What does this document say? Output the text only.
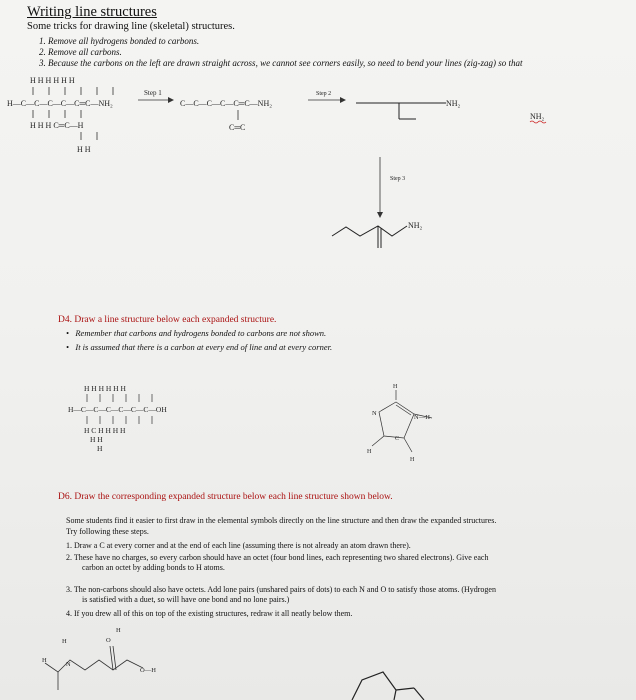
Writing line structures
Some tricks for drawing line (skeletal) structures.
1. Remove all hydrogens bonded to carbons.
2. Remove all carbons.
3. Because the carbons on the left are drawn straight across, we cannot see corners easily, so need to bend your lines (zig-zag) so that
H H H H H H
H—C—C—C—C—C═C—NH₂
H H H C═C—H
H H
Step 1
C—C—C—C—C═C—NH₂
C═C
Step 2
NH₂
NH₂
Step 3
NH₂
H H H H H H
H—C—C—C—C—C—C—OH
H C H H H H
H H
H
H
N
N—H
C
H
H
H
H
O
H
N
O—H
D4. Draw a line structure below each expanded structure.
•   Remember that carbons and hydrogens bonded to carbons are not shown.
•   It is assumed that there is a carbon at every end of line and at every corner.
D6. Draw the corresponding expanded structure below each line structure shown below.
Some students find it easier to first draw in the elemental symbols directly on the line structure and then draw the expanded structures.
Try following these steps.
1. Draw a C at every corner and at the end of each line (assuming there is not already an atom drawn there).
2. These have no charges, so every carbon should have an octet (four bond lines, each representing two shared electrons). Give each
carbon an octet by adding bonds to H atoms.
3. The non-carbons should also have octets. Add lone pairs (unshared pairs of dots) to each N and O to satisfy those atoms. (Hydrogen
is satisfied with a duet, so will have one bond and no lone pairs.)
4. If you drew all of this on top of the existing structures, redraw it all neatly below them.
